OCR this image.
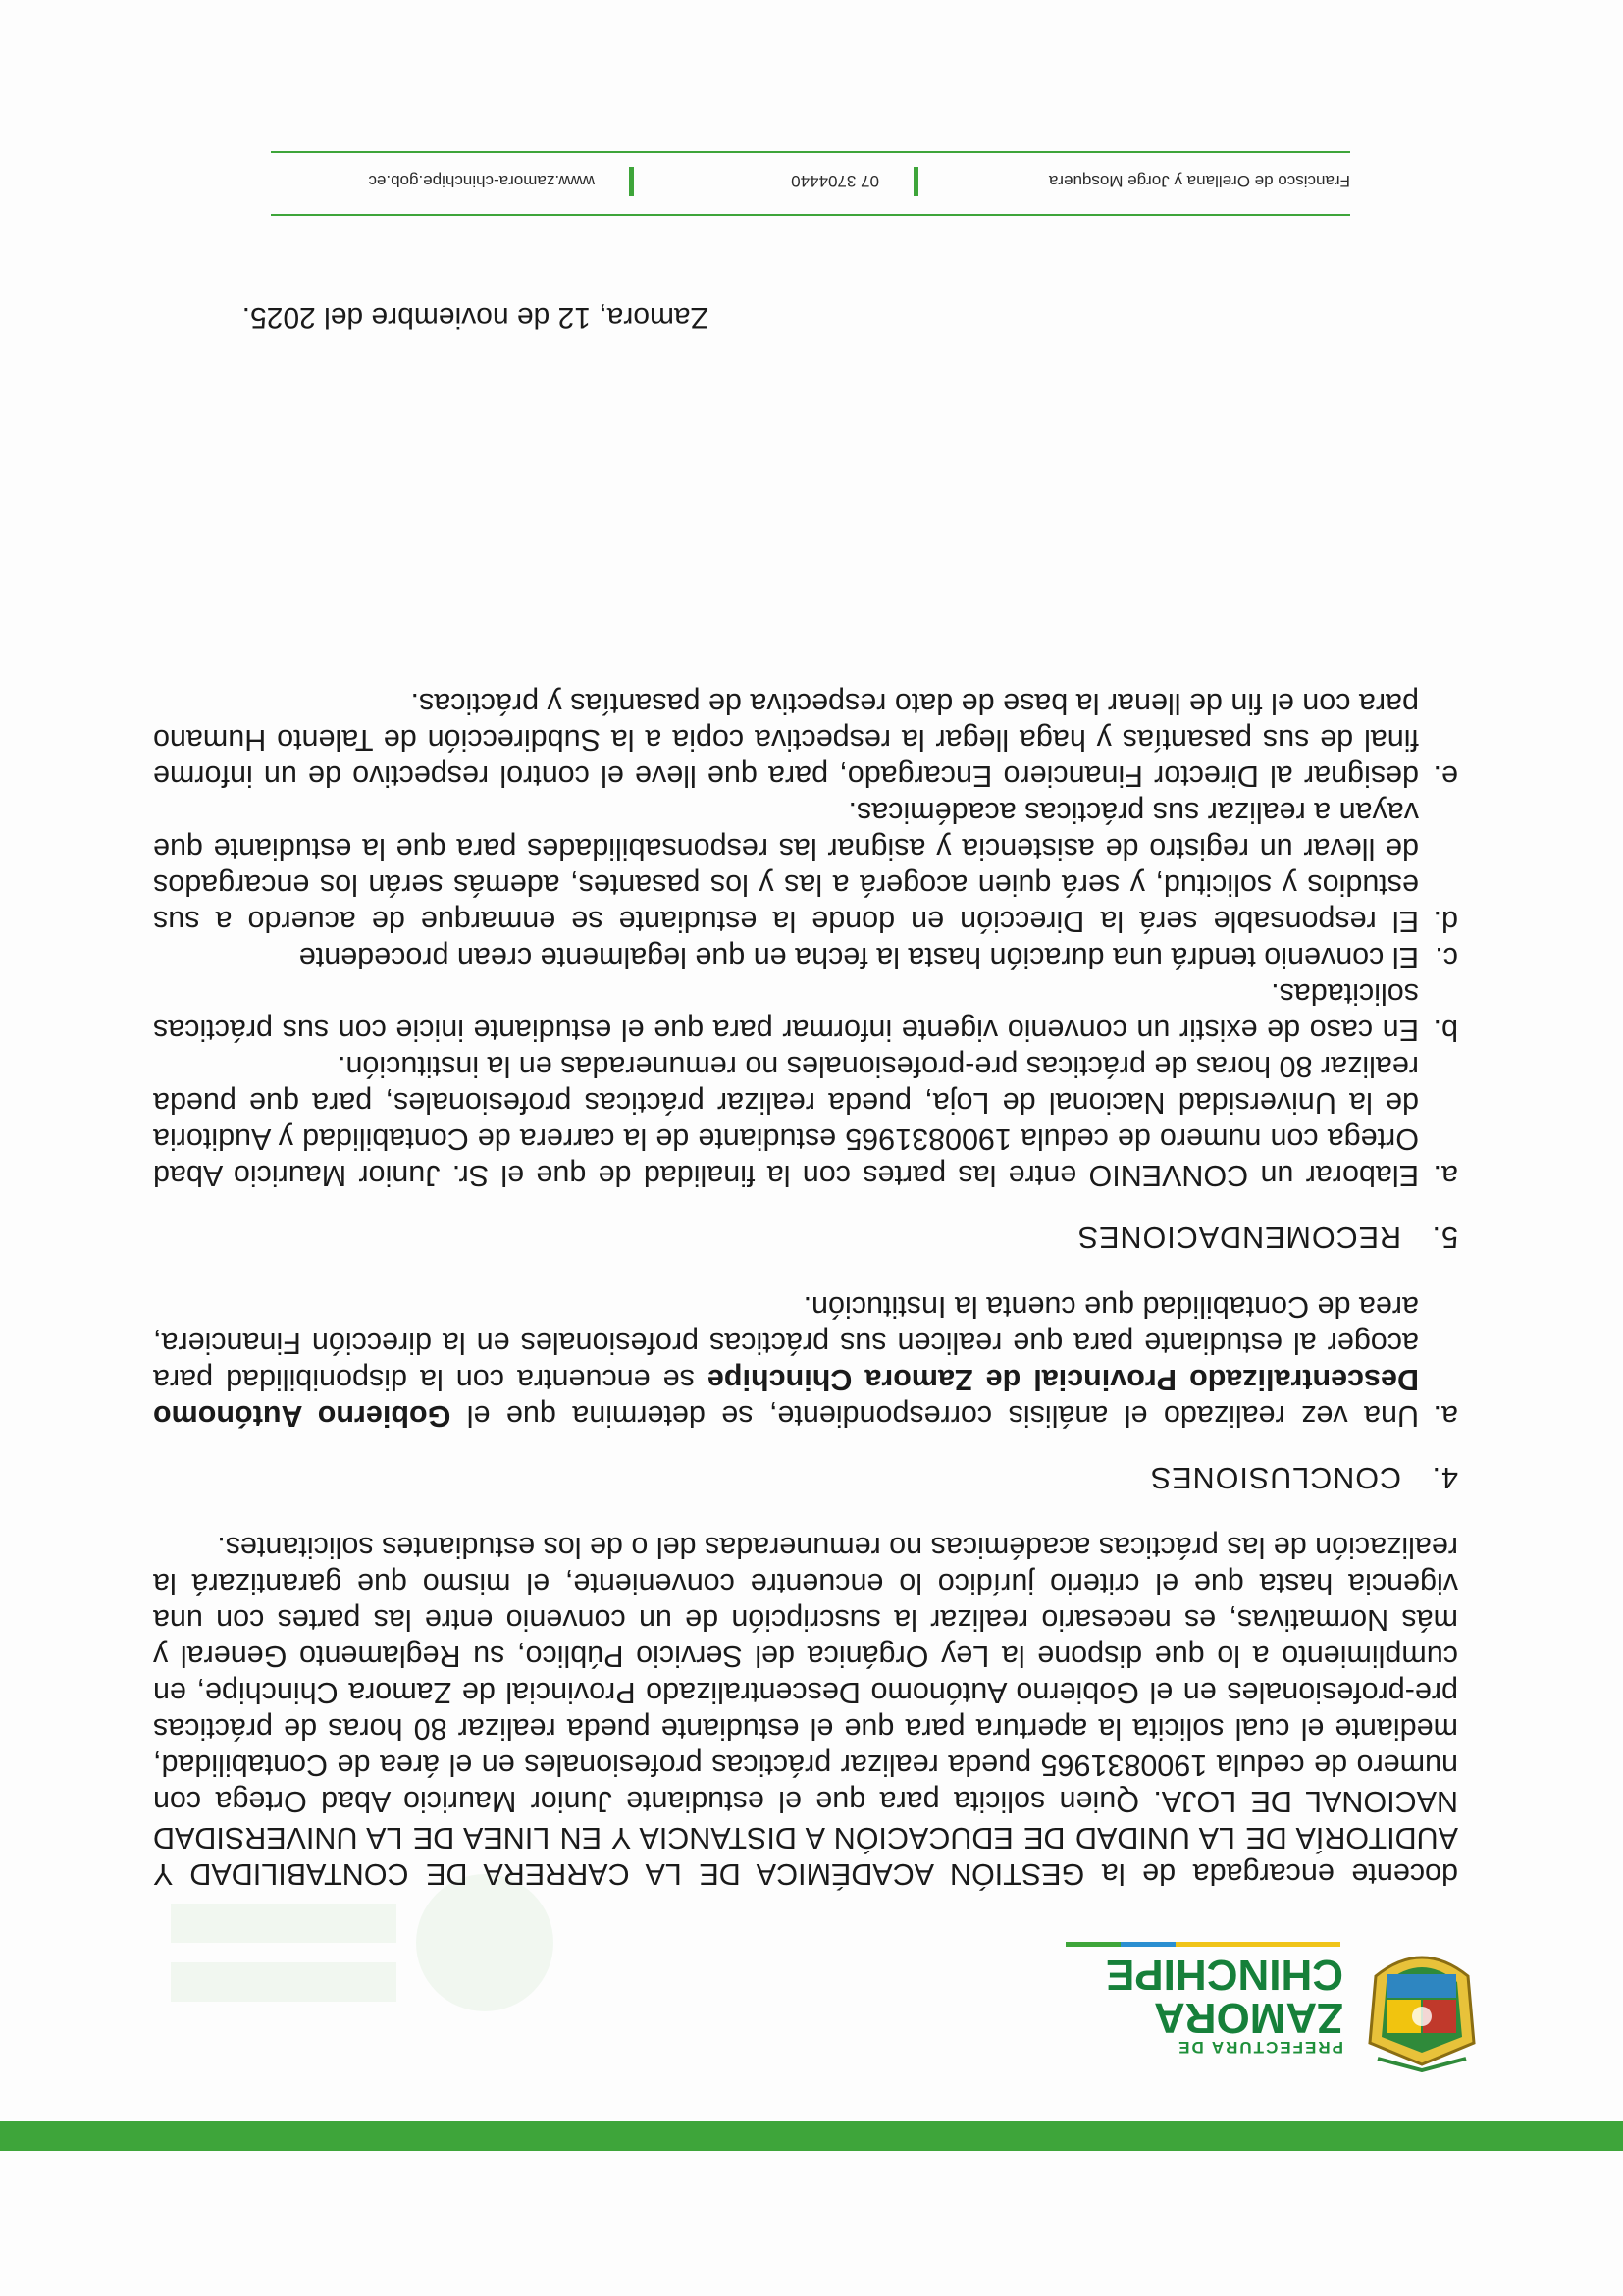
PREFECTURA DE
ZAMORA
CHINCHIPE

docente encargada de la GESTIÓN ACADÉMICA DE LA CARRERA DE CONTABILIDAD Y AUDITORÍA DE LA UNIDAD DE EDUCACIÓN A DISTANCIA Y EN LINEA DE LA UNIVERSIDAD NACIONAL DE LOJA. Quien solicita para que el estudiante Junior Mauricio Abad Ortega con numero de cedula 1900831965 pueda realizar prácticas profesionales en el área de Contabilidad, mediante el cual solicita la apertura para que el estudiante pueda realizar 80 horas de prácticas pre-profesionales en el Gobierno Autónomo Descentralizado Provincial de Zamora Chinchipe, en cumplimiento a lo que dispone la Ley Orgánica del Servicio Público, su Reglamento General y más Normativas, es necesario realizar la suscripción de un convenio entre las partes con una vigencia hasta que el criterio jurídico lo encuentre conveniente, el mismo que garantizará la realización de las prácticas académicas no remuneradas del o de los estudiantes solicitantes.

4.CONCLUSIONES
a.
Una vez realizado el análisis correspondiente, se determina que el Gobierno Autónomo Descentralizado Provincial de Zamora Chinchipe se encuentra con la disponibilidad para acoger al estudiante para que realicen sus prácticas profesionales en la dirección Financiera, area de Contabilidad que cuenta la Institución.
5.RECOMENDACIONES
a.
Elaborar un CONVENIO entre las partes con la finalidad de que el Sr. Junior Mauricio Abad Ortega con numero de cedula 1900831965 estudiante de la carrera de Contabilidad y Auditoria de la Universidad Nacional de Loja, pueda realizar prácticas profesionales, para que pueda realizar 80 horas de prácticas pre-profesionales no remuneradas en la institución.
b.
En caso de existir un convenio vigente informar para que el estudiante inicie con sus prácticas solicitadas.
c.
El convenio tendrá una duración hasta la fecha en que legalmente crean procedente
d.
El responsable será la Dirección en donde la estudiante se enmarque de acuerdo a sus estudios y solicitud, y será quien acogerá a las y los pasantes, además serán los encargados de llevar un registro de asistencia y asignar las responsabilidades para que la estudiante que vayan a realizar sus prácticas académicas.
e.
designar al Director Financiero Encargado, para que lleve el control respectivo de un informe final de sus pasantías y haga llegar la respectiva copia a la Subdirección de Talento Humano para con el fin de llenar la base de dato respectiva de pasantías y prácticas.
Zamora, 12 de noviembre del 2025.
Francisco de Orellana y Jorge Mosquera
07 3704440
www.zamora-chinchipe.gob.ec
